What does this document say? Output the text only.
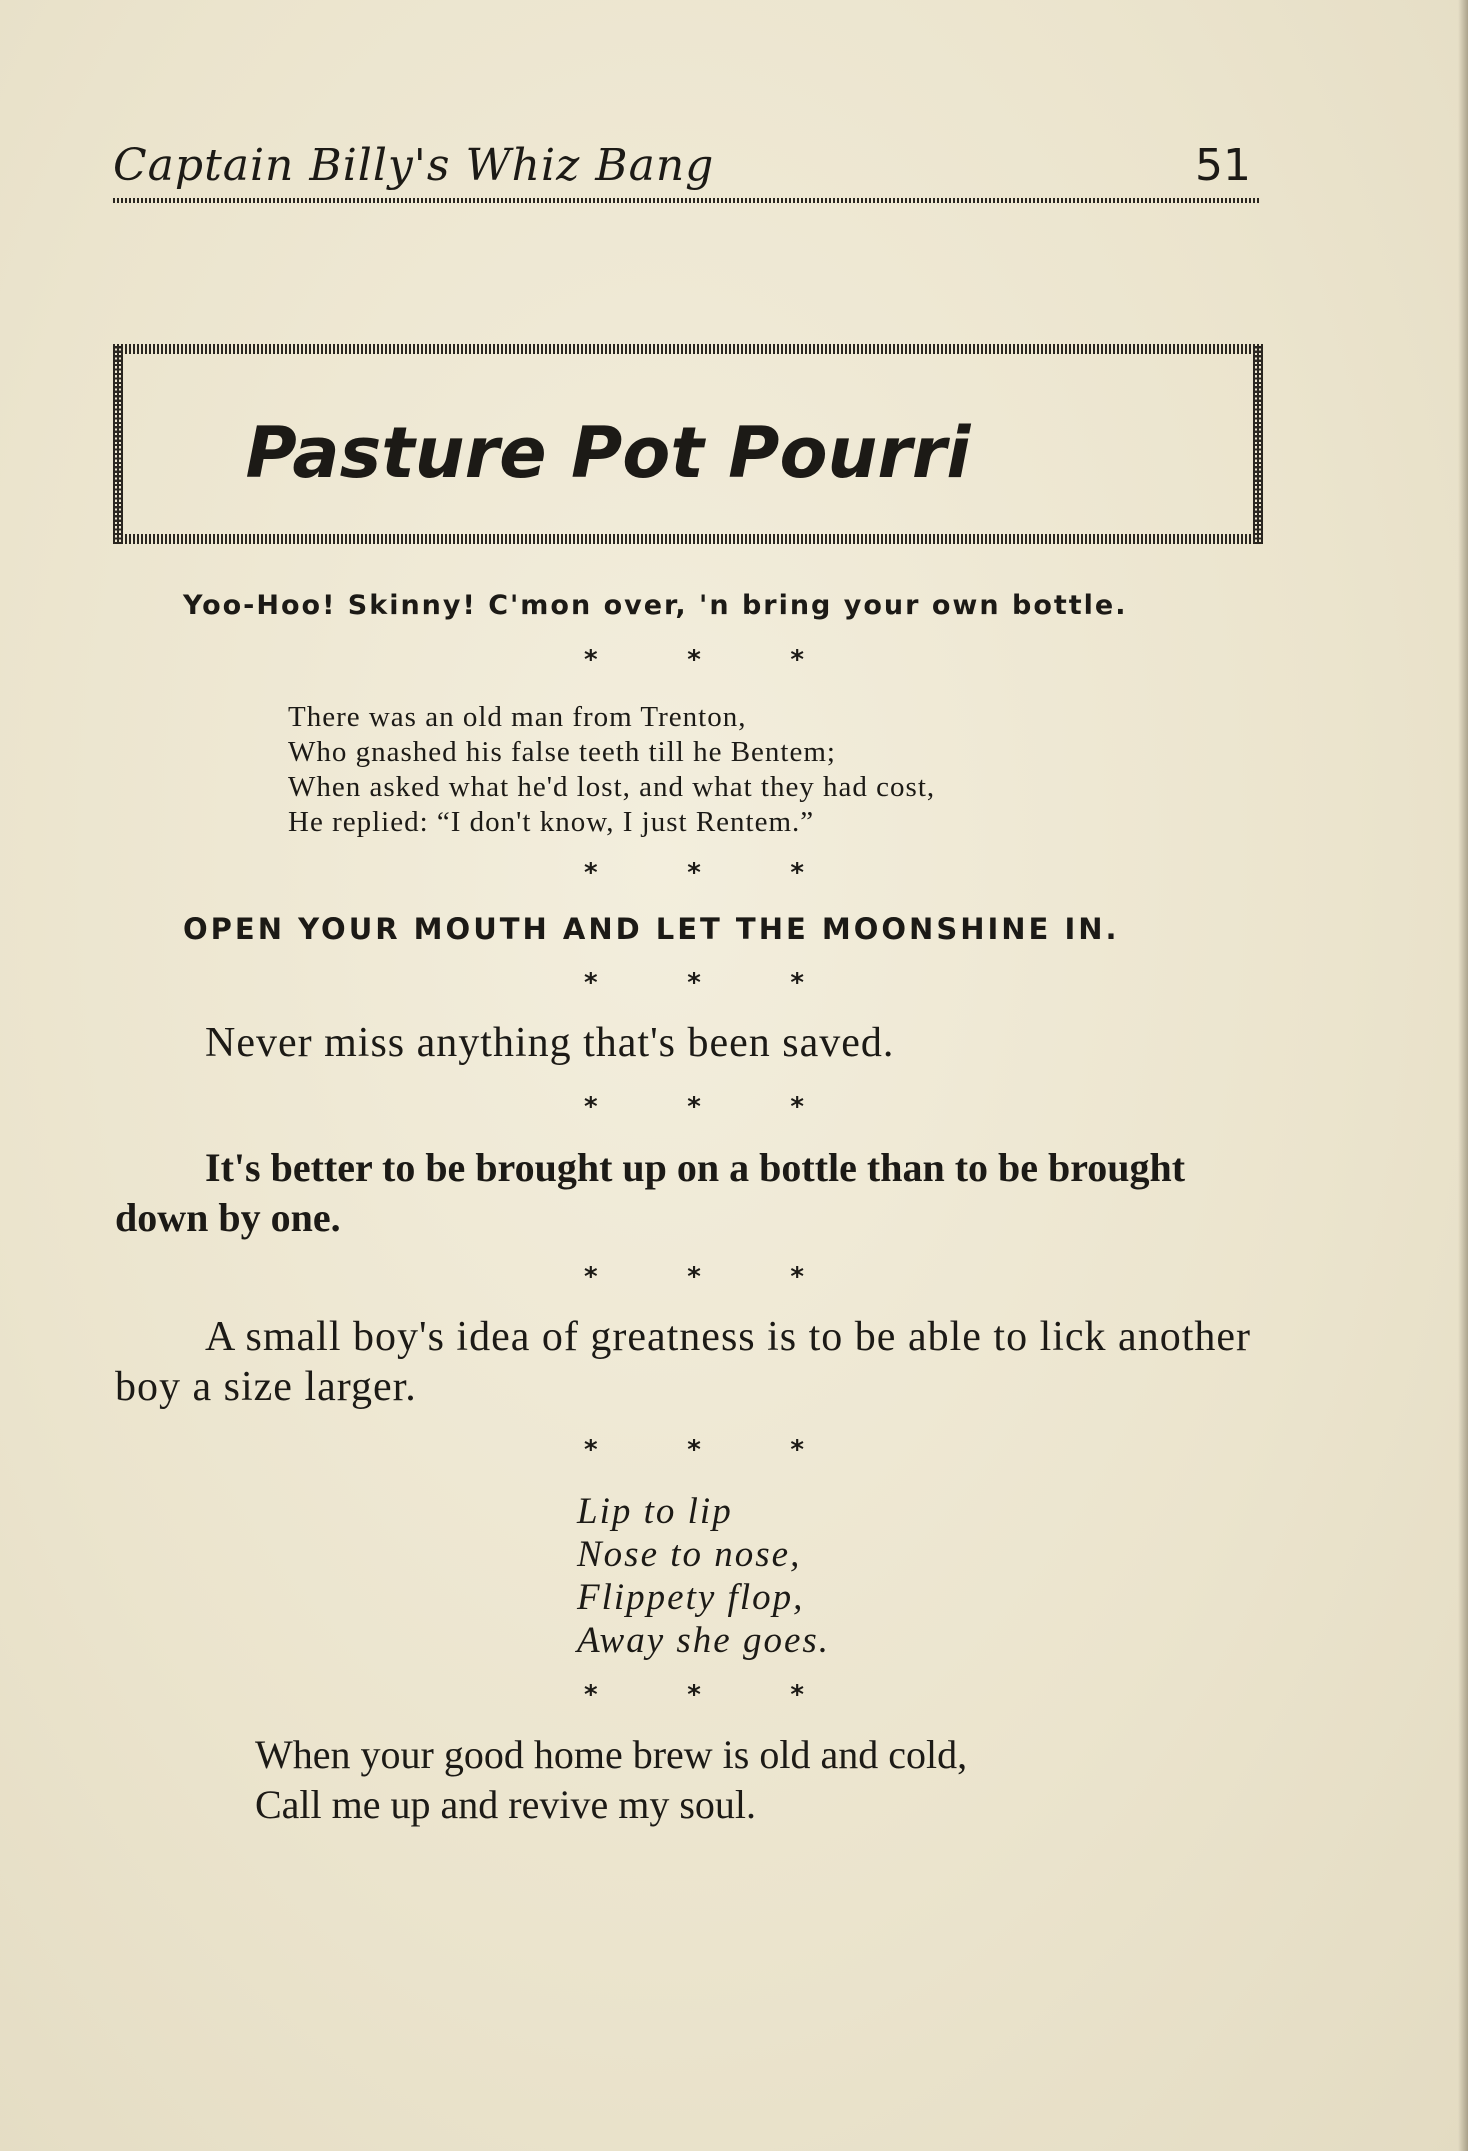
Captain Billy's Whiz Bang	51
Pasture Pot Pourri
Yoo-Hoo! Skinny! C'mon over, 'n bring your own bottle.
*	*	*
There was an old man from Trenton,
Who gnashed his false teeth till he Bentem;
When asked what he'd lost, and what they had cost,
He replied: “I don't know, I just Rentem.”
*	*	*
OPEN YOUR MOUTH AND LET THE MOONSHINE IN.
*	*	*
Never miss anything that's been saved.
*	*	*
It's better to be brought up on a bottle than to be brought down by one.
*	*	*
A small boy's idea of greatness is to be able to lick another boy a size larger.
*	*	*
Lip to lip
Nose to nose,
Flippety flop,
Away she goes.
*	*	*
When your good home brew is old and cold,
Call me up and revive my soul.
